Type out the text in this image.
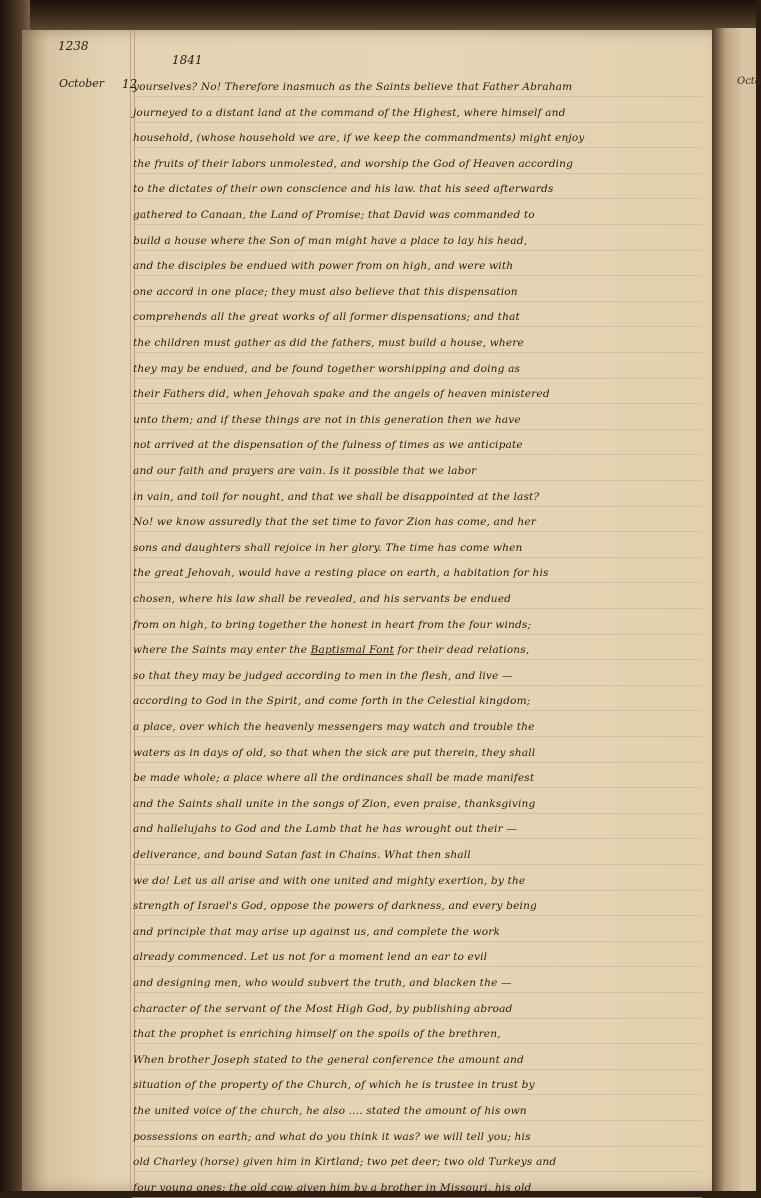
Octo
1238
1841
October 12
yourselves? No! Therefore inasmuch as the Saints believe that Father Abraham
journeyed to a distant land at the command of the Highest, where himself and
household, (whose household we are, if we keep the commandments) might enjoy
the fruits of their labors unmolested, and worship the God of Heaven according
to the dictates of their own conscience and his law. that his seed afterwards
gathered to Canaan, the Land of Promise; that David was commanded to
build a house where the Son of man might have a place to lay his head,
and the disciples be endued with power from on high, and were with
one accord in one place; they must also believe that this dispensation
comprehends all the great works of all former dispensations; and that
the children must gather as did the fathers, must build a house, where
they may be endued, and be found together worshipping and doing as
their Fathers did, when Jehovah spake and the angels of heaven ministered
unto them; and if these things are not in this generation then we have
not arrived at the dispensation of the fulness of times as we anticipate
and our faith and prayers are vain. Is it possible that we labor
in vain, and toil for nought, and that we shall be disappointed at the last?
No! we know assuredly that the set time to favor Zion has come, and her
sons and daughters shall rejoice in her glory. The time has come when
the great Jehovah, would have a resting place on earth, a habitation for his
chosen, where his law shall be revealed, and his servants be endued
from on high, to bring together the honest in heart from the four winds;
where the Saints may enter the Baptismal Font for their dead relations,
so that they may be judged according to men in the flesh, and live —
according to God in the Spirit, and come forth in the Celestial kingdom;
a place, over which the heavenly messengers may watch and trouble the
waters as in days of old, so that when the sick are put therein, they shall
be made whole; a place where all the ordinances shall be made manifest
and the Saints shall unite in the songs of Zion, even praise, thanksgiving
and hallelujahs to God and the Lamb that he has wrought out their —
deliverance, and bound Satan fast in Chains. What then shall
we do! Let us all arise and with one united and mighty exertion, by the
strength of Israel's God, oppose the powers of darkness, and every being
and principle that may arise up against us, and complete the work
already commenced. Let us not for a moment lend an ear to evil
and designing men, who would subvert the truth, and blacken the —
character of the servant of the Most High God, by publishing abroad
that the prophet is enriching himself on the spoils of the brethren,
When brother Joseph stated to the general conference the amount and
situation of the property of the Church, of which he is trustee in trust by
the united voice of the church, he also .... stated the amount of his own
possessions on earth; and what do you think it was? we will tell you; his
old Charley (horse) given him in Kirtland; two pet deer; two old Turkeys and
four young ones; the old cow given him by a brother in Missouri, his old
